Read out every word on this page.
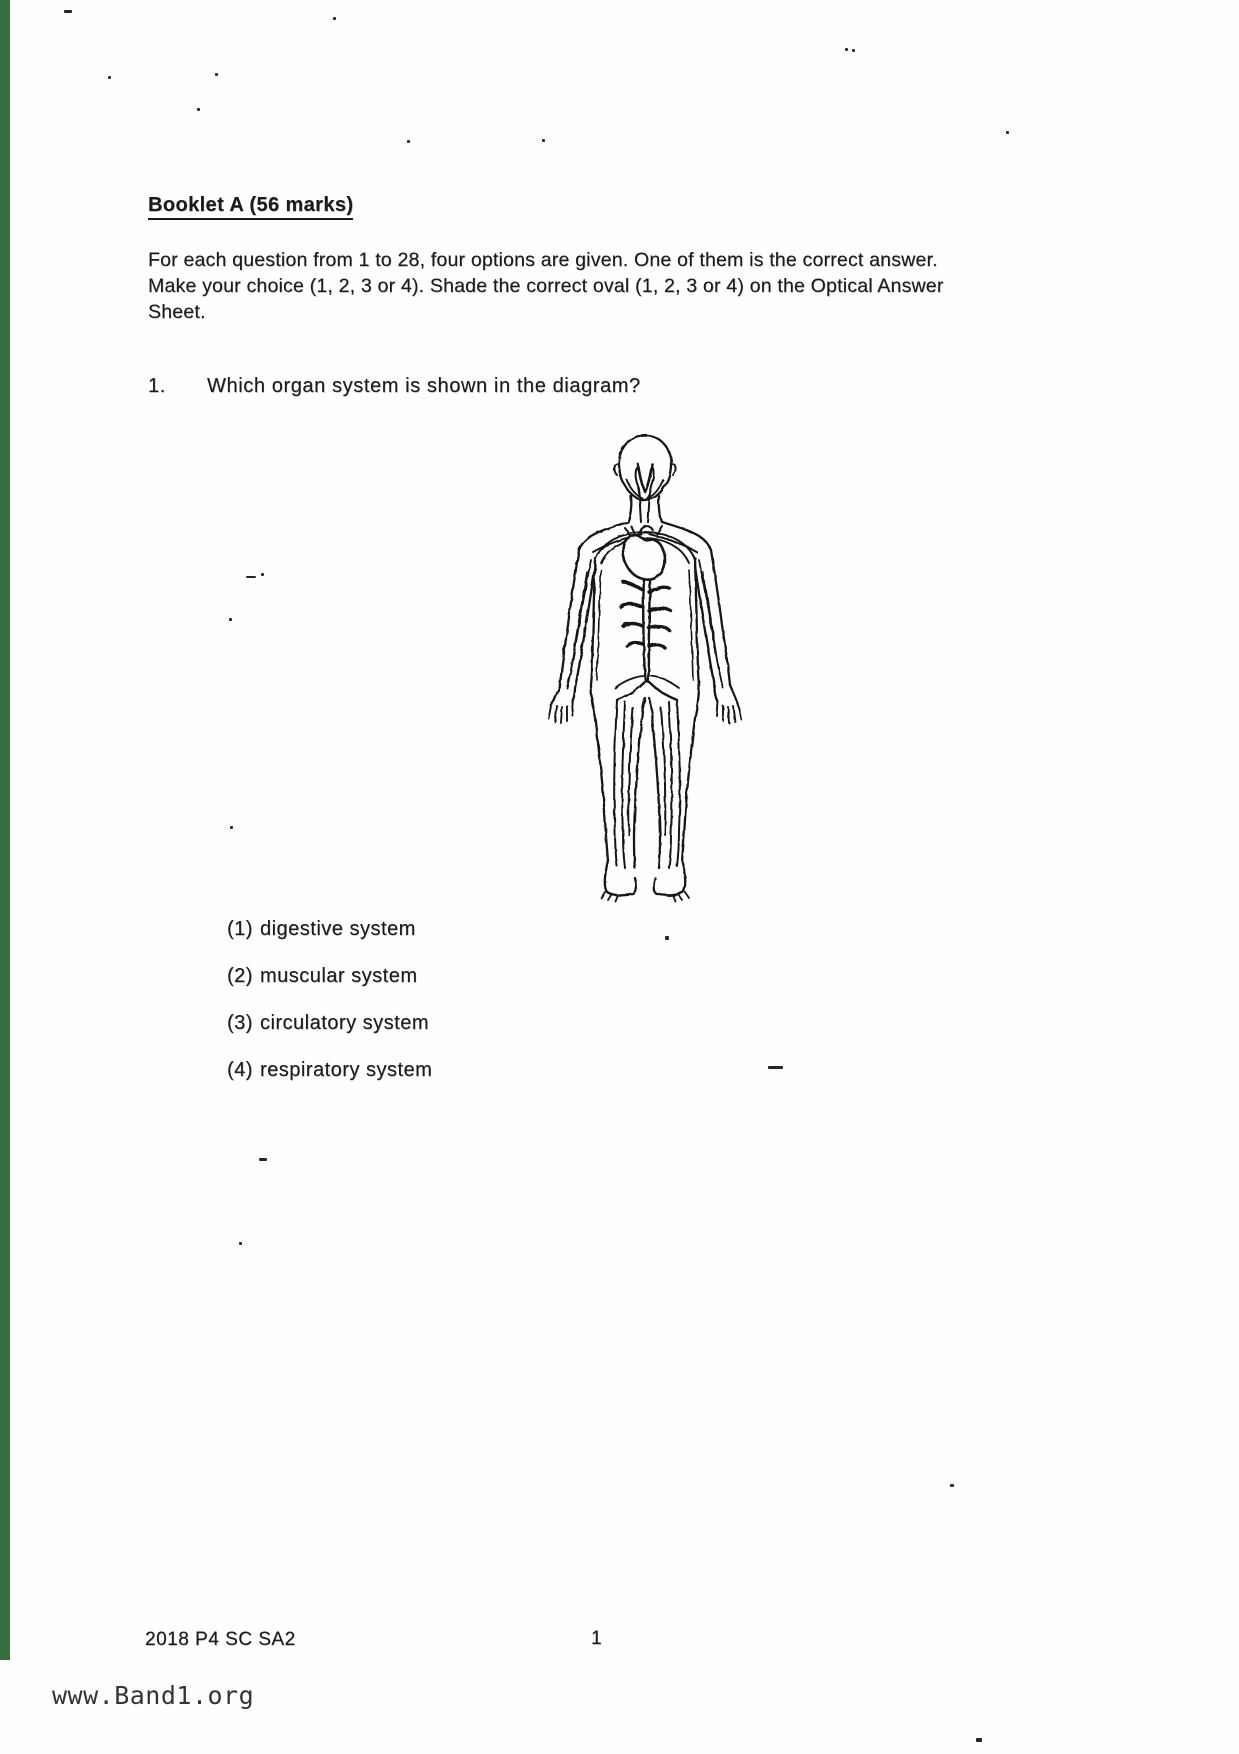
Booklet A (56 marks)
For each question from 1 to 28, four options are given. One of them is the correct answer.
Make your choice (1, 2, 3 or 4). Shade the correct oval (1, 2, 3 or 4) on the Optical Answer
Sheet.
1. Which organ system is shown in the diagram?
(1) digestive system
(2) muscular system
(3) circulatory system
(4) respiratory system
2018 P4 SC SA2	1
www.Band1.org
